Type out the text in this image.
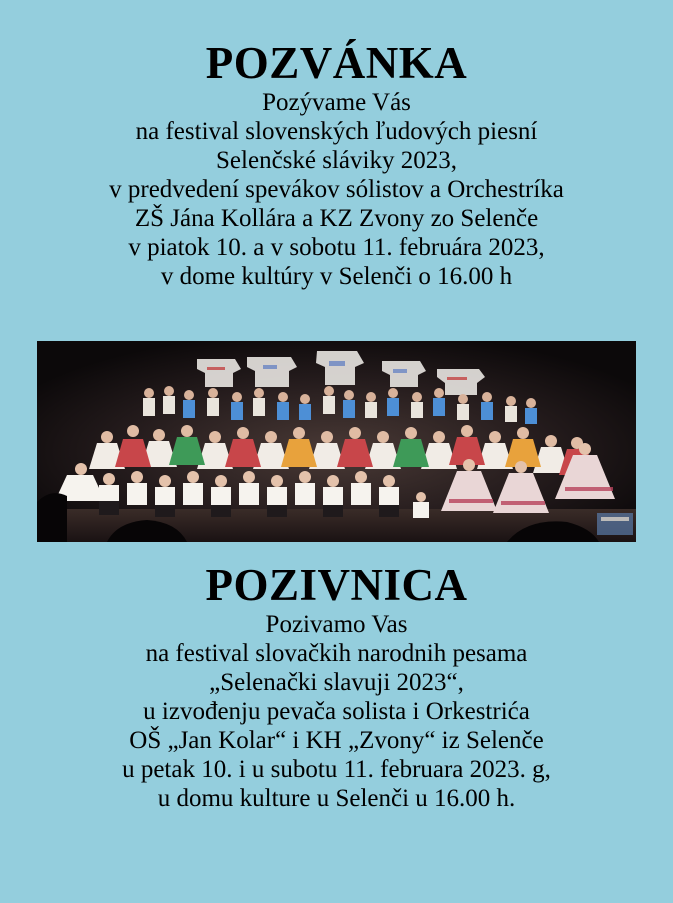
POZVÁNKA

Pozývame Vás

na festival slovenských ľudových piesní

Selenčské sláviky 2023,

v predvedení spevákov sólistov a Orchestríka

ZŠ Jána Kollára a KZ Zvony zo Selenče

v piatok 10. a v sobotu 11. februára 2023,

v dome kultúry v Selenči o 16.00 h

POZIVNICA

Pozivamo Vas

na festival slovačkih narodnih pesama

„Selenački slavuji 2023“,

u izvođenju pevača solista i Orkestrića

OŠ „Jan Kolar“ i KH „Zvony“ iz Selenče

u petak 10. i u subotu 11. februara 2023. g,

u domu kulture u Selenči u 16.00 h.
